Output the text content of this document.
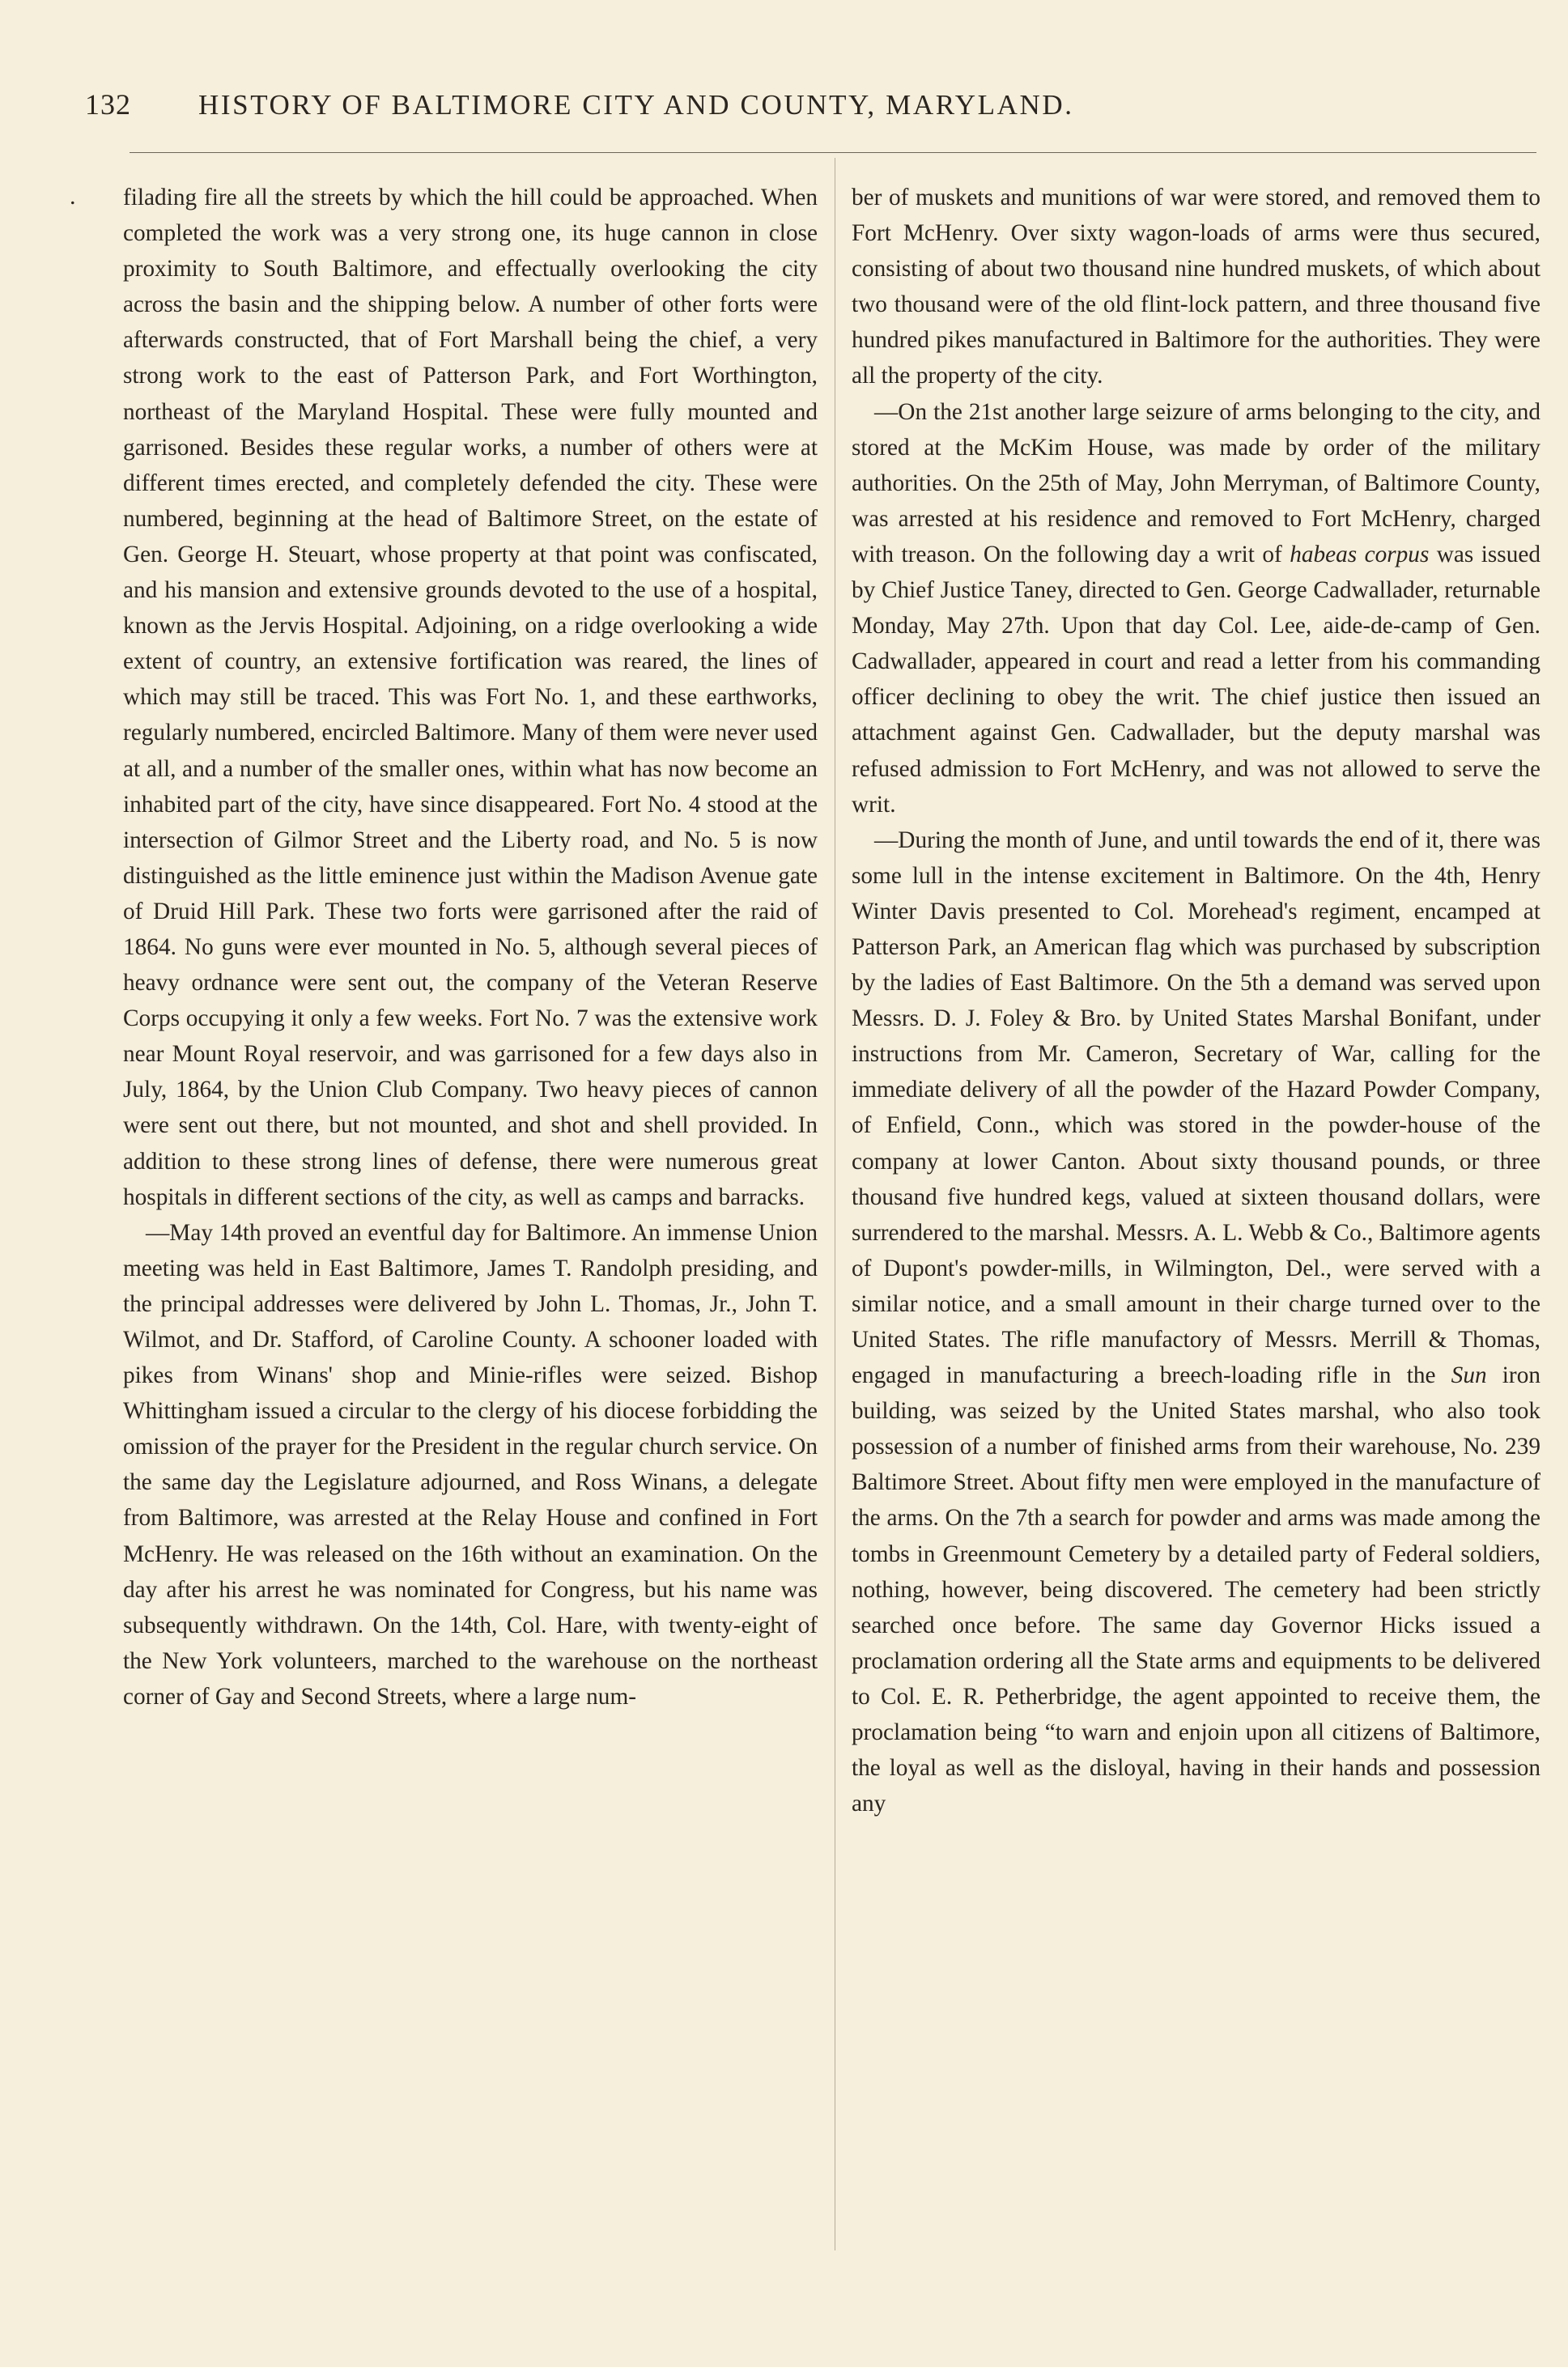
132	HISTORY OF BALTIMORE CITY AND COUNTY, MARYLAND.
. filading fire all the streets by which the hill could be approached. When completed the work was a very strong one, its huge cannon in close proximity to South Baltimore, and effectually overlooking the city across the basin and the shipping below. A number of other forts were afterwards constructed, that of Fort Marshall being the chief, a very strong work to the east of Patterson Park, and Fort Worthington, northeast of the Maryland Hospital. These were fully mounted and garrisoned. Besides these regular works, a number of others were at different times erected, and completely defended the city. These were numbered, beginning at the head of Baltimore Street, on the estate of Gen. George H. Steuart, whose property at that point was confiscated, and his mansion and extensive grounds devoted to the use of a hospital, known as the Jervis Hospital. Adjoining, on a ridge overlooking a wide extent of country, an extensive fortification was reared, the lines of which may still be traced. This was Fort No. 1, and these earthworks, regularly numbered, encircled Baltimore. Many of them were never used at all, and a number of the smaller ones, within what has now become an inhabited part of the city, have since disappeared. Fort No. 4 stood at the intersection of Gilmor Street and the Liberty road, and No. 5 is now distinguished as the little eminence just within the Madison Avenue gate of Druid Hill Park. These two forts were garrisoned after the raid of 1864. No guns were ever mounted in No. 5, although several pieces of heavy ordnance were sent out, the company of the Veteran Reserve Corps occupying it only a few weeks. Fort No. 7 was the extensive work near Mount Royal reservoir, and was garrisoned for a few days also in July, 1864, by the Union Club Company. Two heavy pieces of cannon were sent out there, but not mounted, and shot and shell provided. In addition to these strong lines of defense, there were numerous great hospitals in different sections of the city, as well as camps and barracks.

—May 14th proved an eventful day for Baltimore. An immense Union meeting was held in East Baltimore, James T. Randolph presiding, and the principal addresses were delivered by John L. Thomas, Jr., John T. Wilmot, and Dr. Stafford, of Caroline County. A schooner loaded with pikes from Winans' shop and Minie-rifles were seized. Bishop Whittingham issued a circular to the clergy of his diocese forbidding the omission of the prayer for the President in the regular church service. On the same day the Legislature adjourned, and Ross Winans, a delegate from Baltimore, was arrested at the Relay House and confined in Fort McHenry. He was released on the 16th without an examination. On the day after his arrest he was nominated for Congress, but his name was subsequently withdrawn. On the 14th, Col. Hare, with twenty-eight of the New York volunteers, marched to the warehouse on the northeast corner of Gay and Second Streets, where a large num-

ber of muskets and munitions of war were stored, and removed them to Fort McHenry. Over sixty wagon-loads of arms were thus secured, consisting of about two thousand nine hundred muskets, of which about two thousand were of the old flint-lock pattern, and three thousand five hundred pikes manufactured in Baltimore for the authorities. They were all the property of the city.

—On the 21st another large seizure of arms belonging to the city, and stored at the McKim House, was made by order of the military authorities. On the 25th of May, John Merryman, of Baltimore County, was arrested at his residence and removed to Fort McHenry, charged with treason. On the following day a writ of habeas corpus was issued by Chief Justice Taney, directed to Gen. George Cadwallader, returnable Monday, May 27th. Upon that day Col. Lee, aide-de-camp of Gen. Cadwallader, appeared in court and read a letter from his commanding officer declining to obey the writ. The chief justice then issued an attachment against Gen. Cadwallader, but the deputy marshal was refused admission to Fort McHenry, and was not allowed to serve the writ.

—During the month of June, and until towards the end of it, there was some lull in the intense excitement in Baltimore. On the 4th, Henry Winter Davis presented to Col. Morehead's regiment, encamped at Patterson Park, an American flag which was purchased by subscription by the ladies of East Baltimore. On the 5th a demand was served upon Messrs. D. J. Foley & Bro. by United States Marshal Bonifant, under instructions from Mr. Cameron, Secretary of War, calling for the immediate delivery of all the powder of the Hazard Powder Company, of Enfield, Conn., which was stored in the powder-house of the company at lower Canton. About sixty thousand pounds, or three thousand five hundred kegs, valued at sixteen thousand dollars, were surrendered to the marshal. Messrs. A. L. Webb & Co., Baltimore agents of Dupont's powder-mills, in Wilmington, Del., were served with a similar notice, and a small amount in their charge turned over to the United States. The rifle manufactory of Messrs. Merrill & Thomas, engaged in manufacturing a breech-loading rifle in the Sun iron building, was seized by the United States marshal, who also took possession of a number of finished arms from their warehouse, No. 239 Baltimore Street. About fifty men were employed in the manufacture of the arms. On the 7th a search for powder and arms was made among the tombs in Greenmount Cemetery by a detailed party of Federal soldiers, nothing, however, being discovered. The cemetery had been strictly searched once before. The same day Governor Hicks issued a proclamation ordering all the State arms and equipments to be delivered to Col. E. R. Petherbridge, the agent appointed to receive them, the proclamation being “to warn and enjoin upon all citizens of Baltimore, the loyal as well as the disloyal, having in their hands and possession any
